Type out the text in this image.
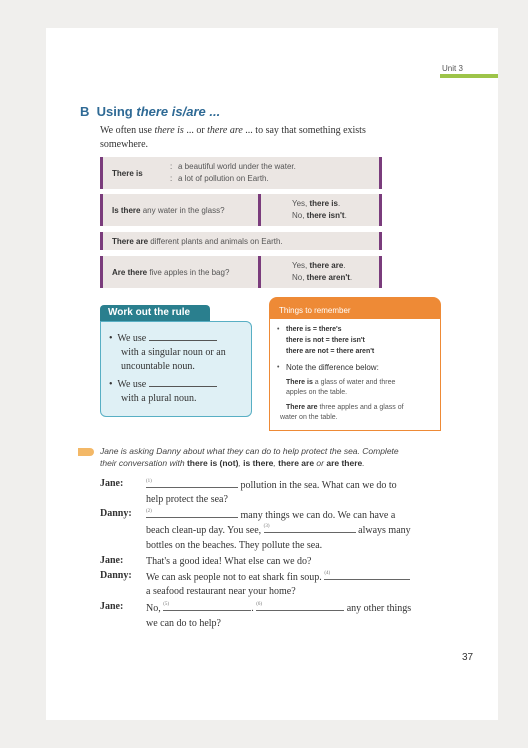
Unit 3
B Using there is/are ...
We often use there is ... or there are ... to say that something exists
somewhere.
There is
:
:
a beautiful world under the water.
a lot of pollution on Earth.
Is there any water in the glass?
Yes, there is.
No, there isn't.
There are different plants and animals on Earth.
Are there five apples in the bag?
Yes, there are.
No, there aren't.
Work out the rule
•  We use
with a singular noun or an
uncountable noun.
•  We use
with a plural noun.
Things to remember
• there is = there's
there is not = there isn't
there are not = there aren't
• Note the difference below:
There is a glass of water and three
apples on the table.
There are three apples and a glass of
water on the table.
Jane is asking Danny about what they can do to help protect the sea. Complete
their conversation with there is (not), is there, there are or are there.
Jane:	(1)	pollution in the sea. What can we do to
help protect the sea?
Danny:	(2)	many things we can do. We can have a
beach clean-up day. You see, (3)	always many
bottles on the beaches. They pollute the sea.
Jane: That's a good idea! What else can we do?
Danny: We can ask people not to eat shark fin soup. (4)
a seafood restaurant near your home?
Jane: No, (5)	. (6)	any other things
we can do to help?
37
